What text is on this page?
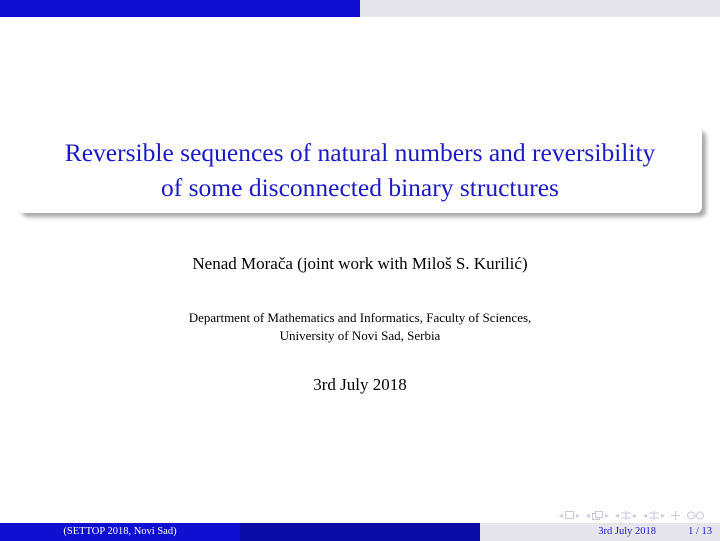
Reversible sequences of natural numbers and reversibility
of some disconnected binary structures
Nenad Morača (joint work with Miloš S. Kurilić)
Department of Mathematics and Informatics, Faculty of Sciences,
University of Novi Sad, Serbia
3rd July 2018
◂ ▸ ◂ ▸ ◂ ▸ ◂ ▸
(SETTOP 2018, Novi Sad)	3rd July 2018	1 / 13
